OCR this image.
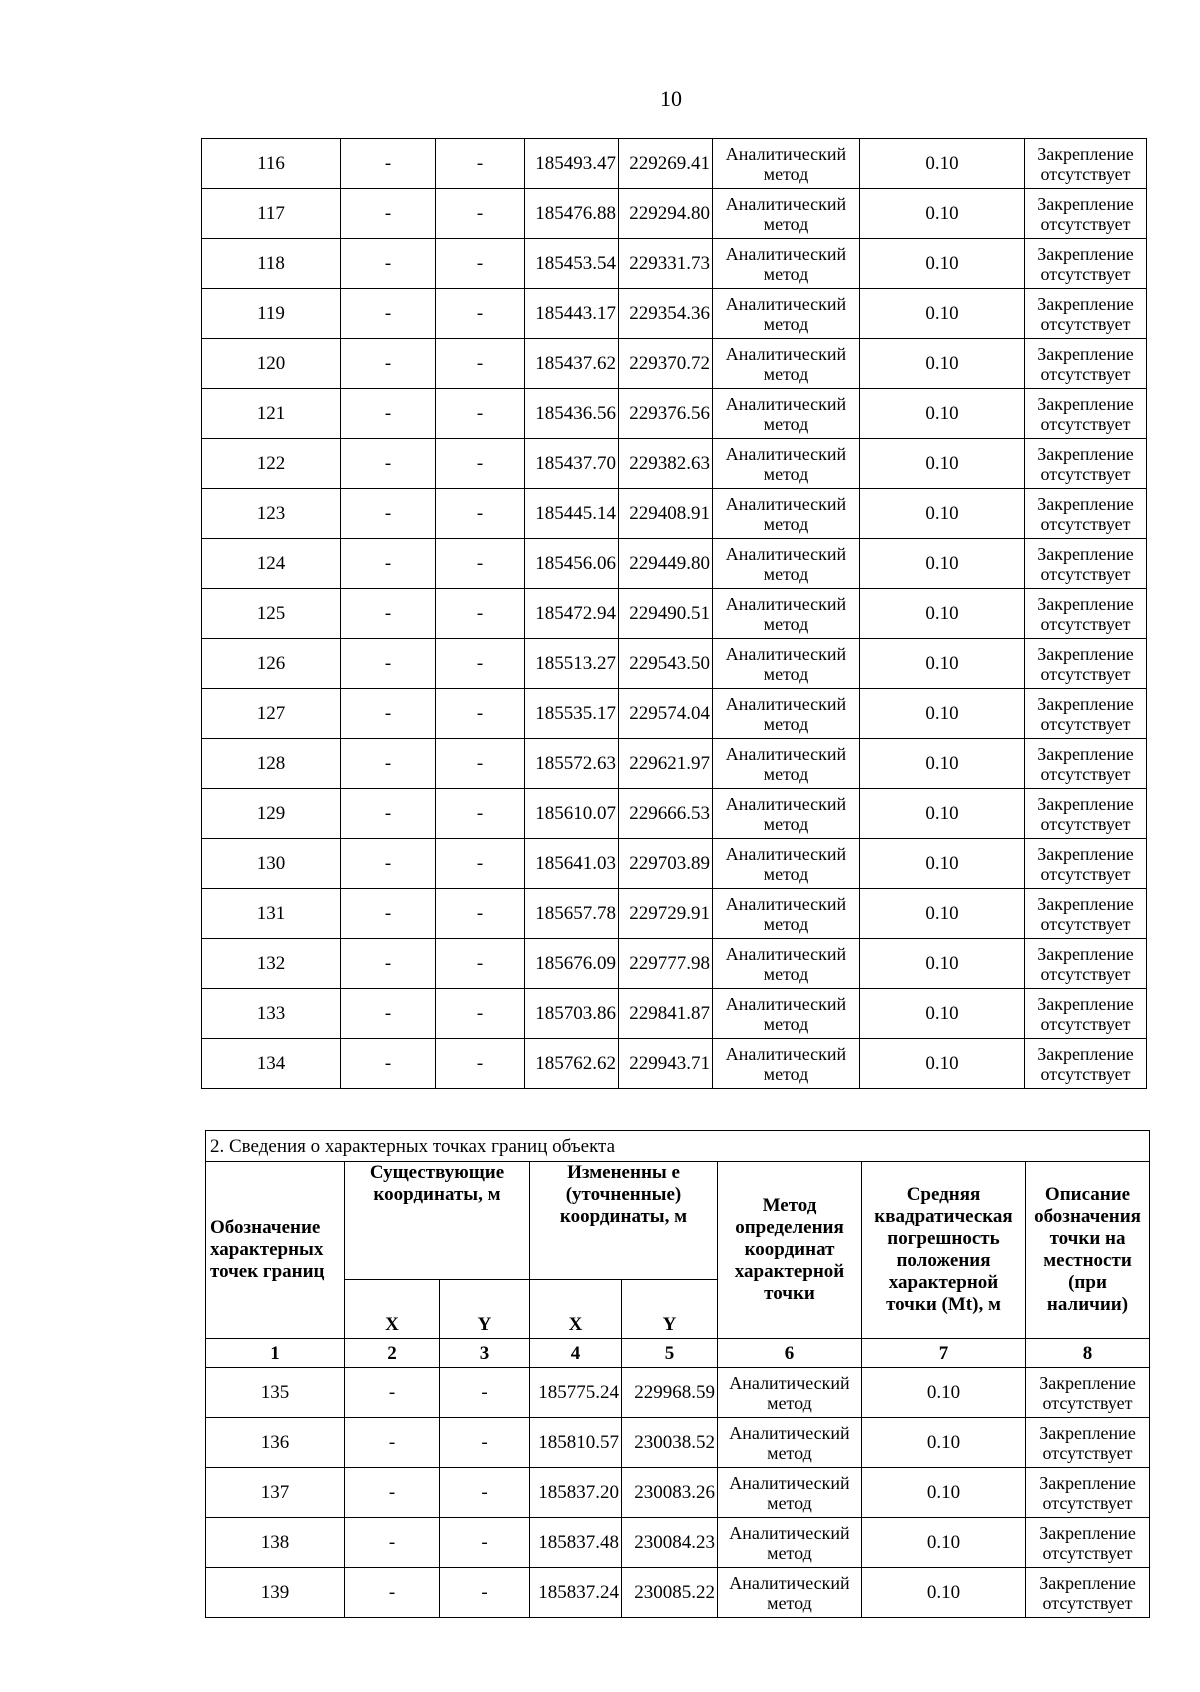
10
116	-	-	185493.47	229269.41	Аналитический метод	0.10	Закрепление отсутствует
117	-	-	185476.88	229294.80	Аналитический метод	0.10	Закрепление отсутствует
118	-	-	185453.54	229331.73	Аналитический метод	0.10	Закрепление отсутствует
119	-	-	185443.17	229354.36	Аналитический метод	0.10	Закрепление отсутствует
120	-	-	185437.62	229370.72	Аналитический метод	0.10	Закрепление отсутствует
121	-	-	185436.56	229376.56	Аналитический метод	0.10	Закрепление отсутствует
122	-	-	185437.70	229382.63	Аналитический метод	0.10	Закрепление отсутствует
123	-	-	185445.14	229408.91	Аналитический метод	0.10	Закрепление отсутствует
124	-	-	185456.06	229449.80	Аналитический метод	0.10	Закрепление отсутствует
125	-	-	185472.94	229490.51	Аналитический метод	0.10	Закрепление отсутствует
126	-	-	185513.27	229543.50	Аналитический метод	0.10	Закрепление отсутствует
127	-	-	185535.17	229574.04	Аналитический метод	0.10	Закрепление отсутствует
128	-	-	185572.63	229621.97	Аналитический метод	0.10	Закрепление отсутствует
129	-	-	185610.07	229666.53	Аналитический метод	0.10	Закрепление отсутствует
130	-	-	185641.03	229703.89	Аналитический метод	0.10	Закрепление отсутствует
131	-	-	185657.78	229729.91	Аналитический метод	0.10	Закрепление отсутствует
132	-	-	185676.09	229777.98	Аналитический метод	0.10	Закрепление отсутствует
133	-	-	185703.86	229841.87	Аналитический метод	0.10	Закрепление отсутствует
134	-	-	185762.62	229943.71	Аналитический метод	0.10	Закрепление отсутствует
2. Сведения о характерных точках границ объекта							
Обозначение характерных точек границ	Существующие координаты, м		Измененны е (уточненные) координаты, м		Метод определения координат характерной точки	Средняя квадратическая погрешность положения характерной точки (Mt), м	Описание обозначения точки на местности (при наличии)
	X	Y	X	Y			
1	2	3	4	5	6	7	8
135	-	-	185775.24	229968.59	Аналитический метод	0.10	Закрепление отсутствует
136	-	-	185810.57	230038.52	Аналитический метод	0.10	Закрепление отсутствует
137	-	-	185837.20	230083.26	Аналитический метод	0.10	Закрепление отсутствует
138	-	-	185837.48	230084.23	Аналитический метод	0.10	Закрепление отсутствует
139	-	-	185837.24	230085.22	Аналитический метод	0.10	Закрепление отсутствует
